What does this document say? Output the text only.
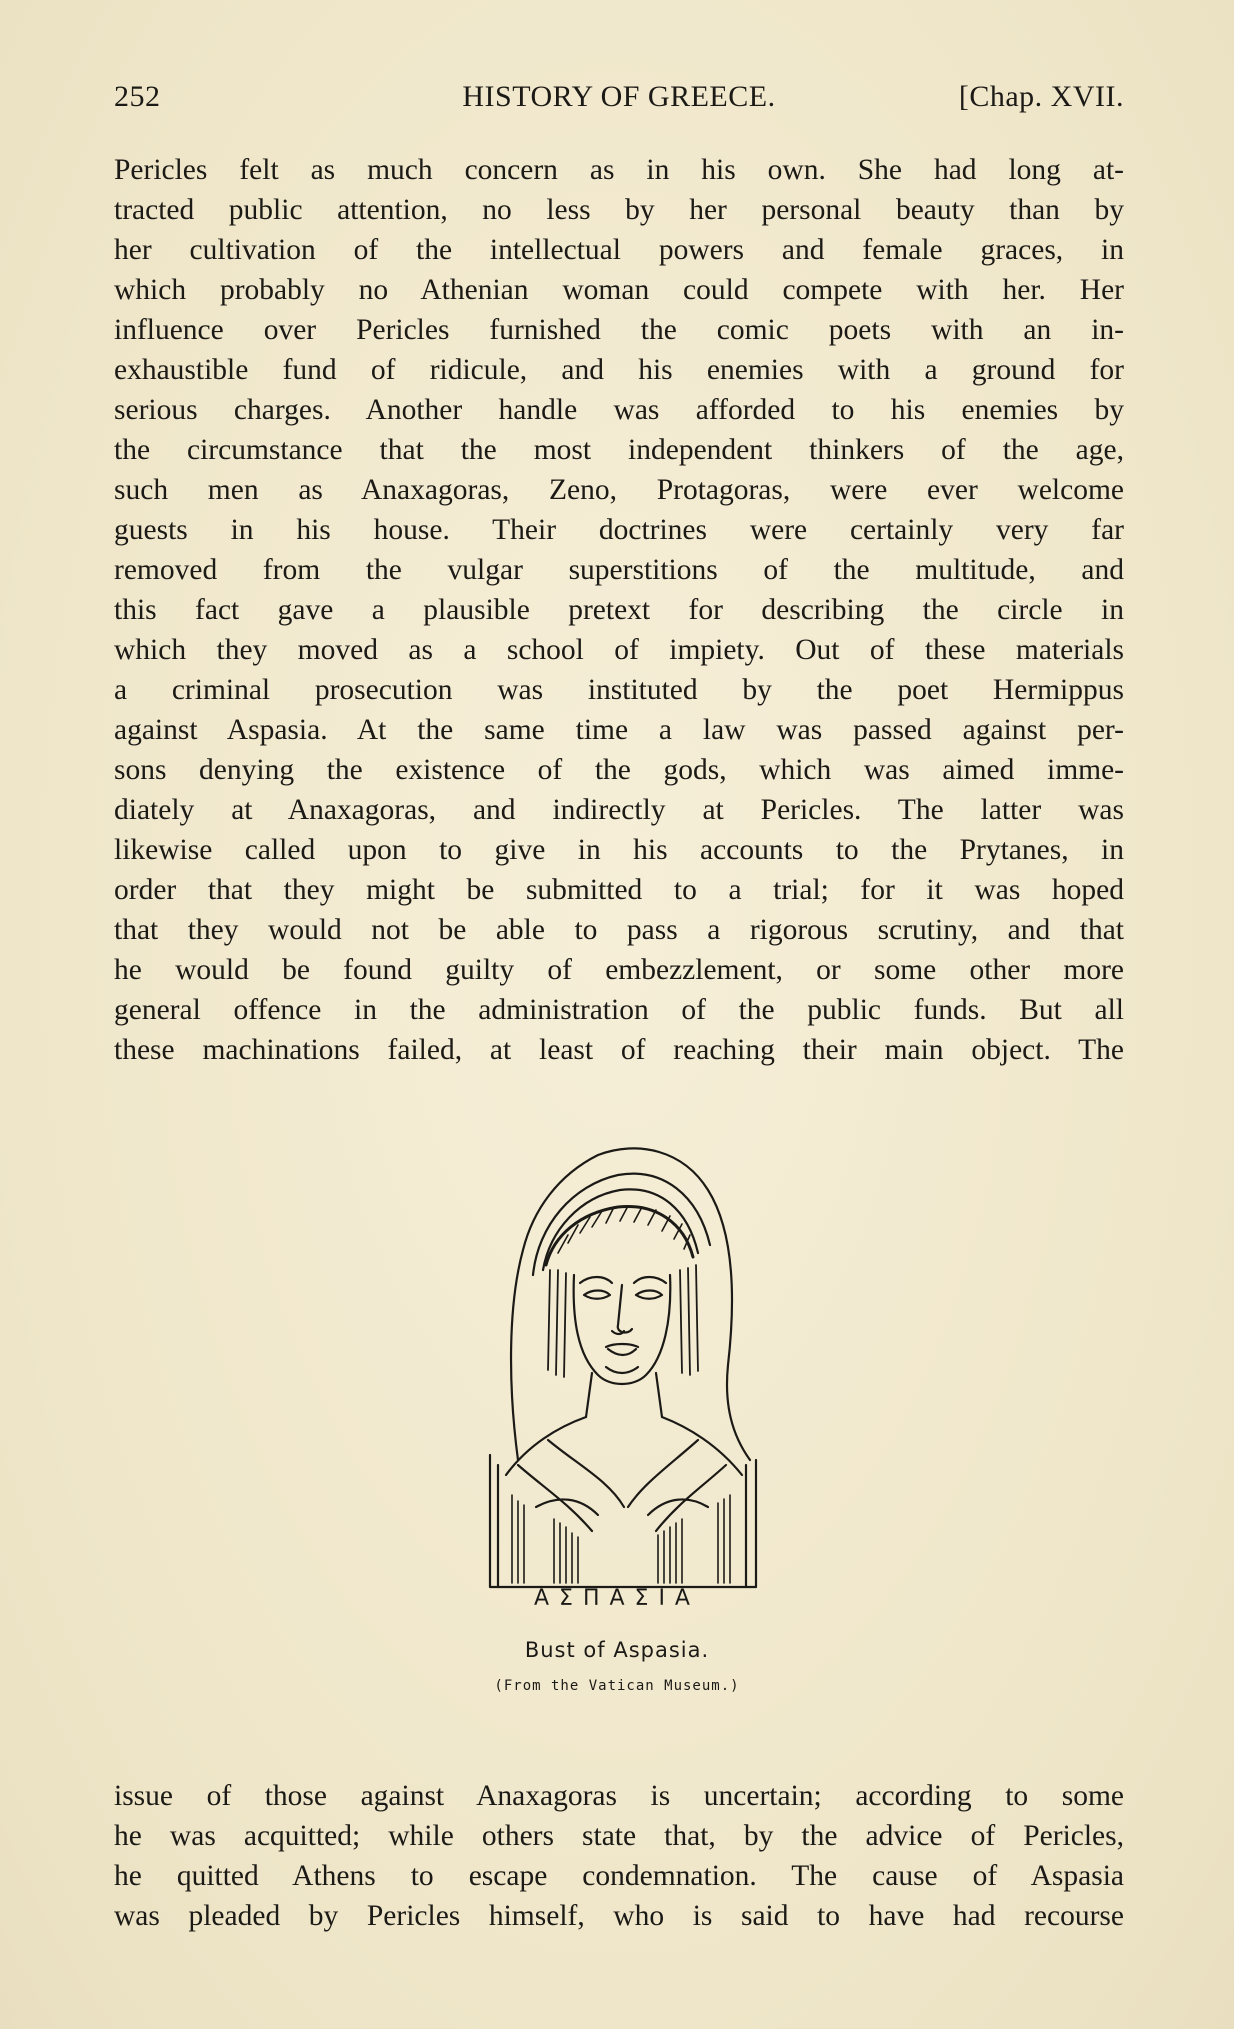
252	HISTORY OF GREECE.	[Chap. XVII.
Pericles felt as much concern as in his own. She had long at-
tracted public attention, no less by her personal beauty than by
her cultivation of the intellectual powers and female graces, in
which probably no Athenian woman could compete with her. Her
influence over Pericles furnished the comic poets with an in-
exhaustible fund of ridicule, and his enemies with a ground for
serious charges. Another handle was afforded to his enemies by
the circumstance that the most independent thinkers of the age,
such men as Anaxagoras, Zeno, Protagoras, were ever welcome
guests in his house. Their doctrines were certainly very far
removed from the vulgar superstitions of the multitude, and
this fact gave a plausible pretext for describing the circle in
which they moved as a school of impiety. Out of these materials
a criminal prosecution was instituted by the poet Hermippus
against Aspasia. At the same time a law was passed against per-
sons denying the existence of the gods, which was aimed imme-
diately at Anaxagoras, and indirectly at Pericles. The latter was
likewise called upon to give in his accounts to the Prytanes, in
order that they might be submitted to a trial; for it was hoped
that they would not be able to pass a rigorous scrutiny, and that
he would be found guilty of embezzlement, or some other more
general offence in the administration of the public funds. But all
these machinations failed, at least of reaching their main object. The
ΑΣΠΑΣΙΑ
Bust of Aspasia.
(From the Vatican Museum.)
issue of those against Anaxagoras is uncertain; according to some
he was acquitted; while others state that, by the advice of Pericles,
he quitted Athens to escape condemnation. The cause of Aspasia
was pleaded by Pericles himself, who is said to have had recourse
